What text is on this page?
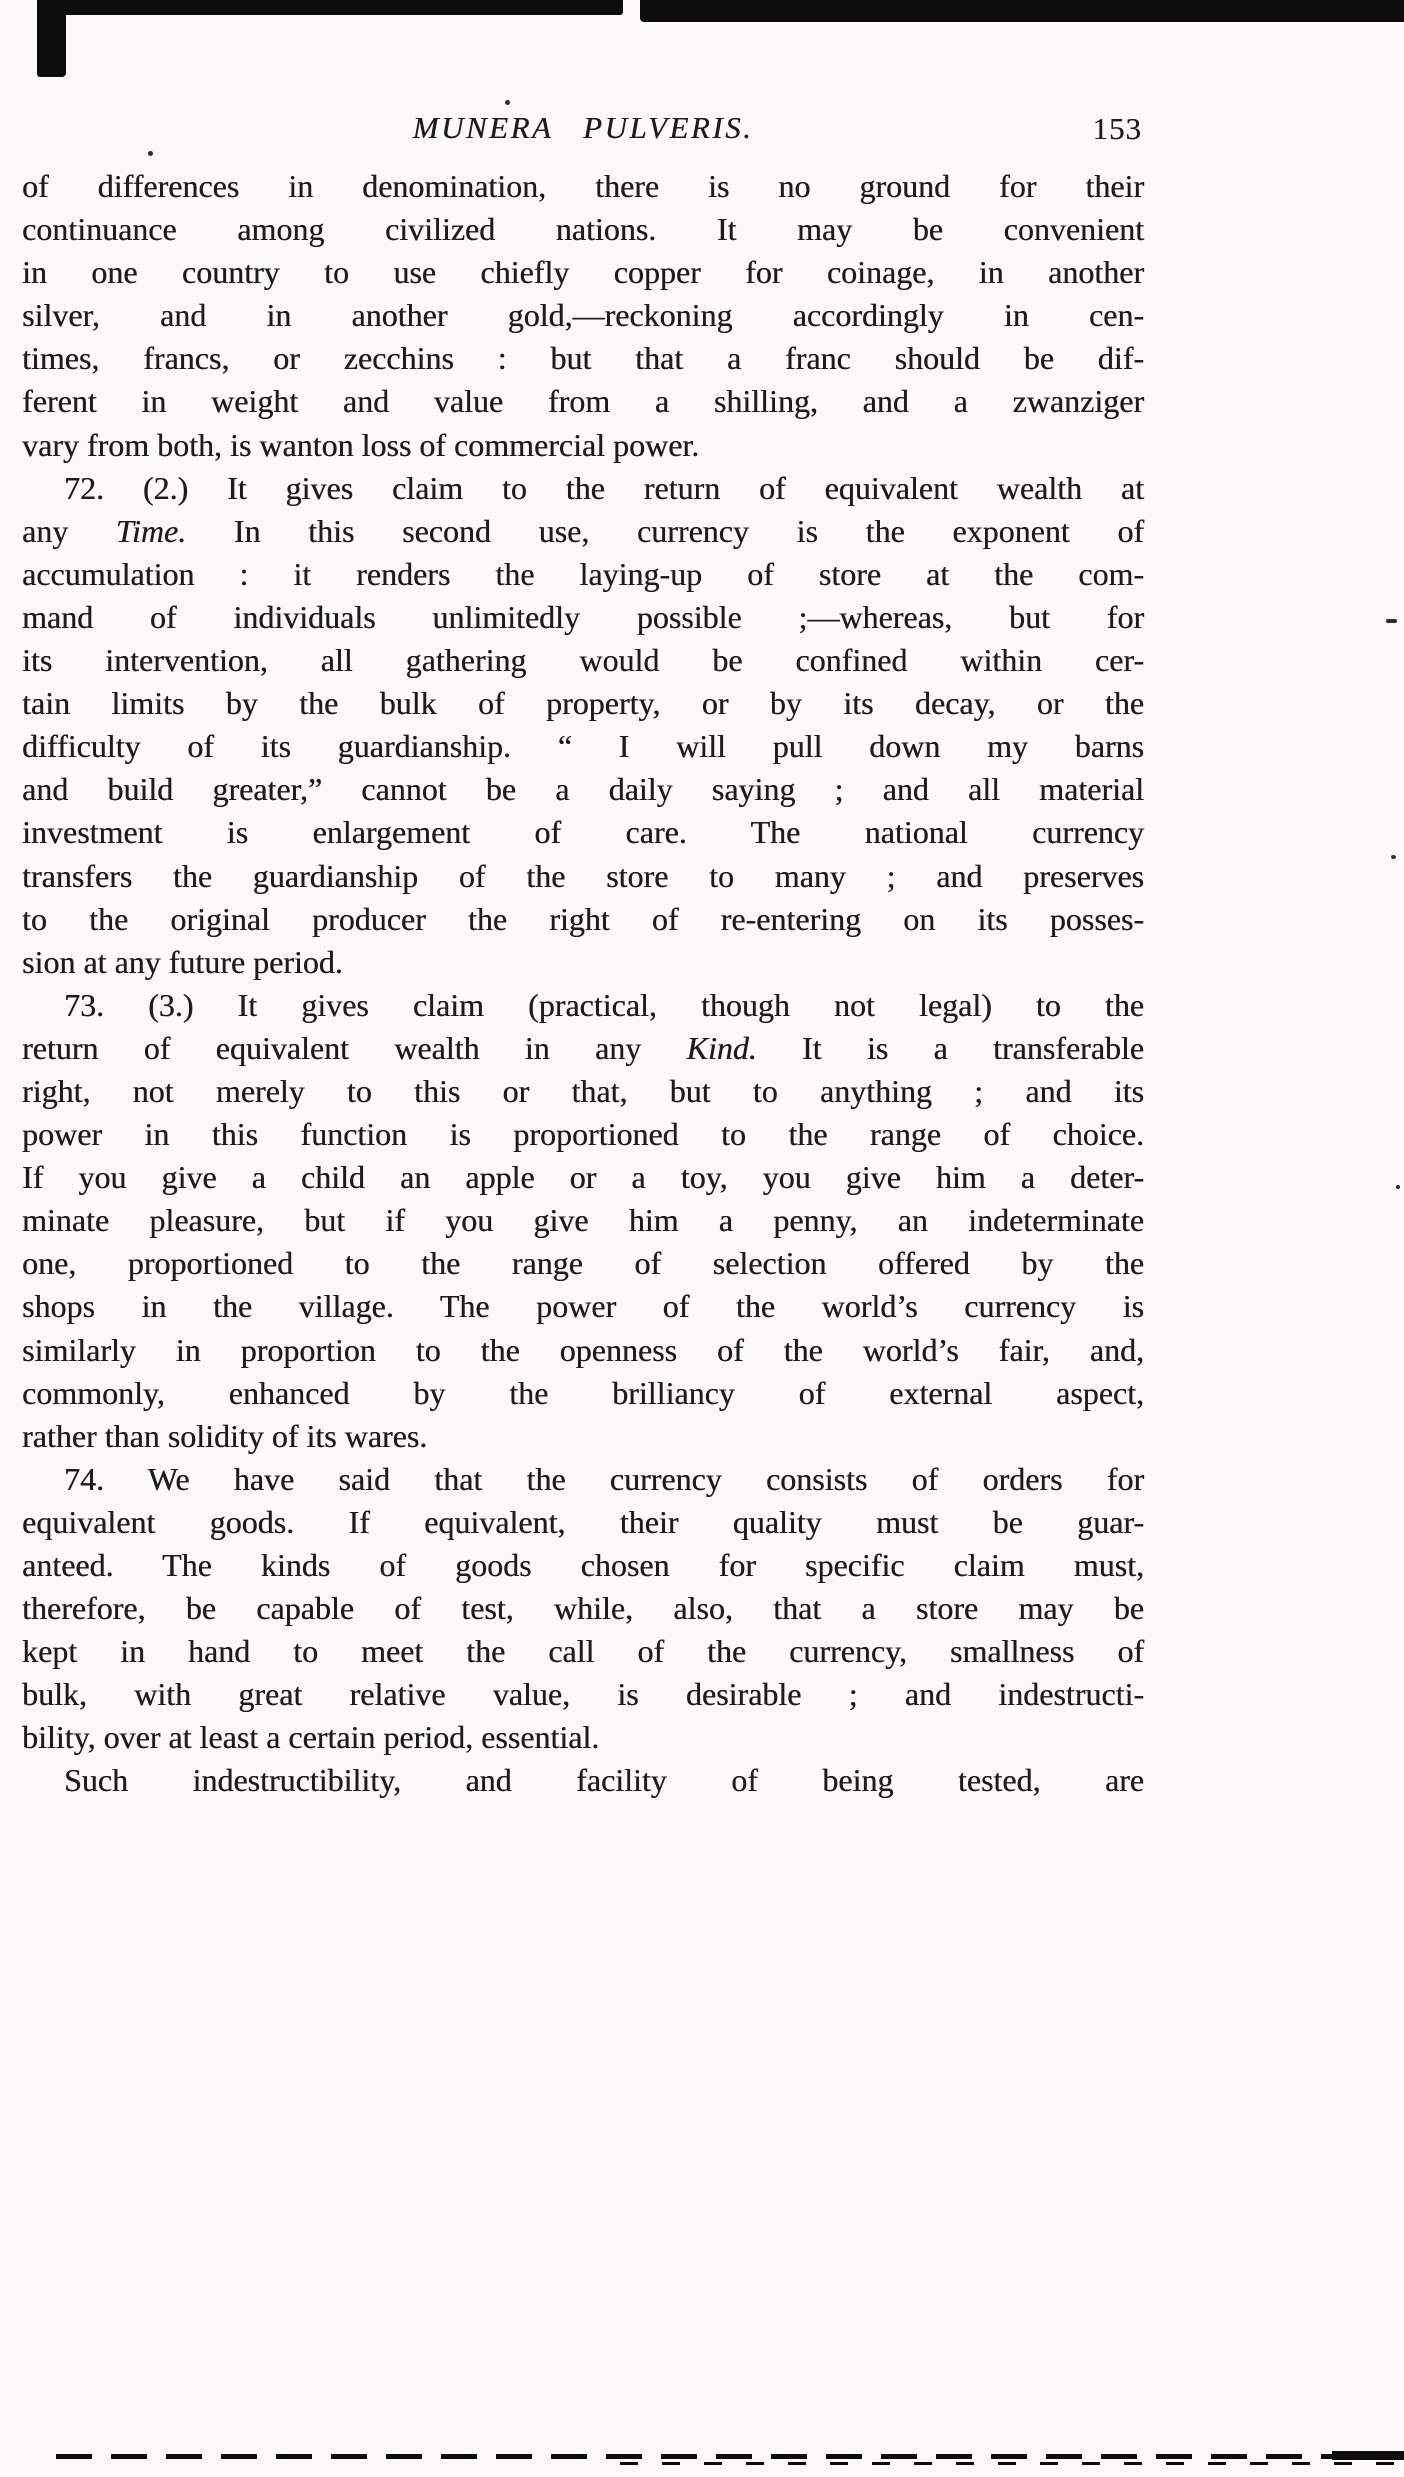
MUNERA PULVERIS.	153
of differences in denomination, there is no ground for their
continuance among civilized nations. It may be convenient
in one country to use chiefly copper for coinage, in another
silver, and in another gold,—reckoning accordingly in cen-
times, francs, or zecchins : but that a franc should be dif-
ferent in weight and value from a shilling, and a zwanziger
vary from both, is wanton loss of commercial power.
72. (2.) It gives claim to the return of equivalent wealth at
any Time. In this second use, currency is the exponent of
accumulation : it renders the laying-up of store at the com-
mand of individuals unlimitedly possible ;—whereas, but for
its intervention, all gathering would be confined within cer-
tain limits by the bulk of property, or by its decay, or the
difficulty of its guardianship. “ I will pull down my barns
and build greater,” cannot be a daily saying ; and all material
investment is enlargement of care. The national currency
transfers the guardianship of the store to many ; and preserves
to the original producer the right of re-entering on its posses-
sion at any future period.
73. (3.) It gives claim (practical, though not legal) to the
return of equivalent wealth in any Kind. It is a transferable
right, not merely to this or that, but to anything ; and its
power in this function is proportioned to the range of choice.
If you give a child an apple or a toy, you give him a deter-
minate pleasure, but if you give him a penny, an indeterminate
one, proportioned to the range of selection offered by the
shops in the village. The power of the world’s currency is
similarly in proportion to the openness of the world’s fair, and,
commonly, enhanced by the brilliancy of external aspect,
rather than solidity of its wares.
74. We have said that the currency consists of orders for
equivalent goods. If equivalent, their quality must be guar-
anteed. The kinds of goods chosen for specific claim must,
therefore, be capable of test, while, also, that a store may be
kept in hand to meet the call of the currency, smallness of
bulk, with great relative value, is desirable ; and indestructi-
bility, over at least a certain period, essential.
Such indestructibility, and facility of being tested, are
